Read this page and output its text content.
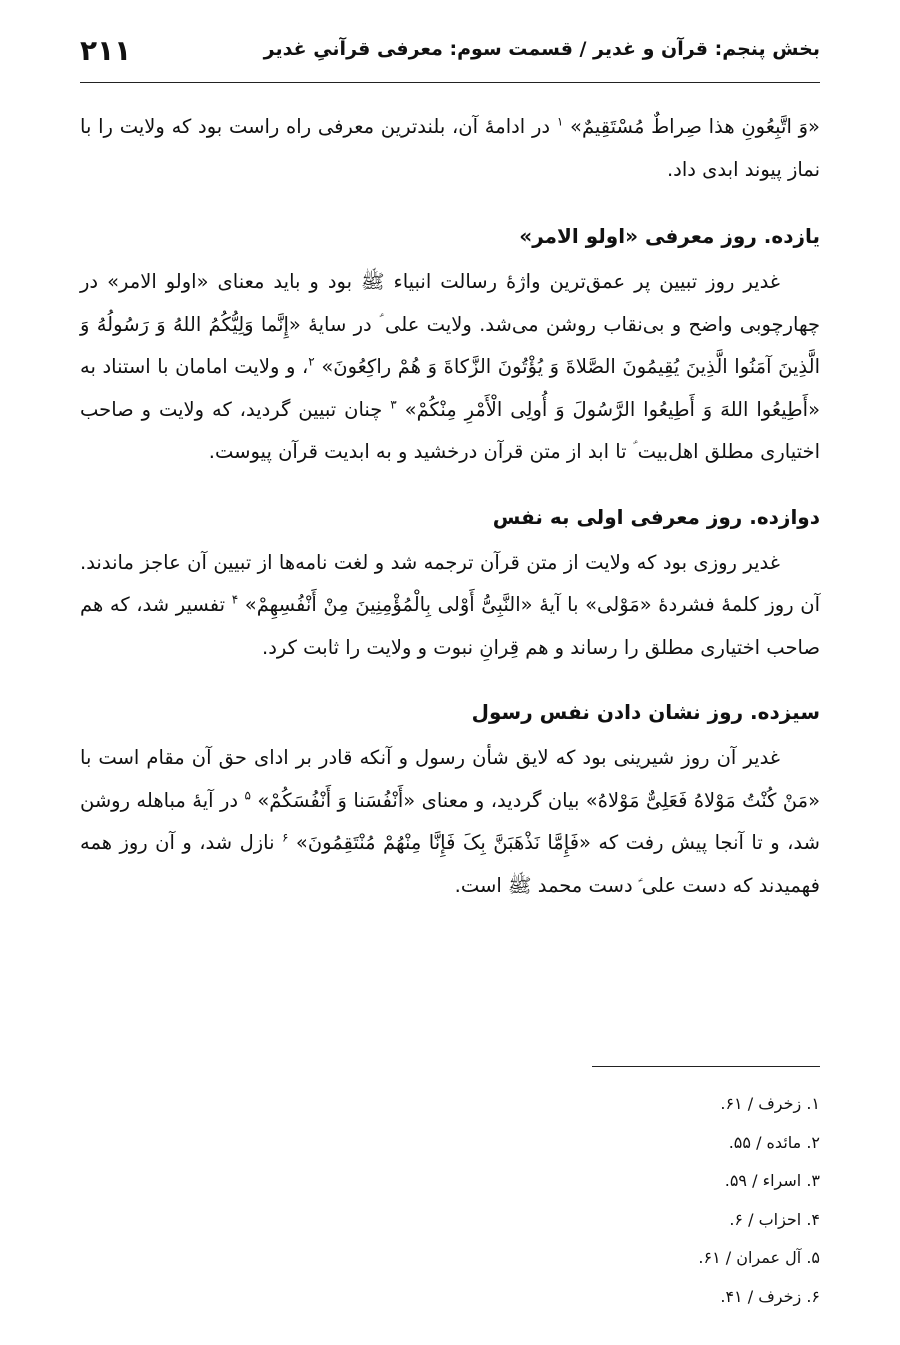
بخش پنجم: قرآن و غدیر / قسمت سوم: معرفی قرآنیِ غدیر
۲۱۱

«وَ اتَّبِعُونِ هذا صِراطٌ مُسْتَقِیمٌ» $^۱$ در ادامهٔ آن، بلندترین معرفی راه راست بود که ولایت را با نماز پیوند ابدی داد.

یازده. روز معرفی «اولو الامر»

غدیر روز تبیین پر عمق‌ترین واژهٔ رسالت انبیاء ﷺ بود و باید معنای «اولو الامر» در چهارچوبی واضح و بی‌نقاب روشن می‌شد. ولایت علی ؑ در سایهٔ «إِنَّما وَلِیُّکُمُ اللهُ وَ رَسُولُهُ وَ الَّذِینَ آمَنُوا الَّذِینَ یُقِیمُونَ الصَّلاةَ وَ یُؤْتُونَ الزَّکاةَ وَ هُمْ راکِعُونَ» $^۲$، و ولایت امامان با استناد به «أَطِیعُوا اللهَ وَ أَطِیعُوا الرَّسُولَ وَ أُولِی الْأَمْرِ مِنْکُمْ» $^۳$ چنان تبیین گردید، که ولایت و صاحب اختیاری مطلق اهل‌بیت ؑ تا ابد از متن قرآن درخشید و به ابدیت قرآن پیوست.

دوازده. روز معرفی اولی به نفس

غدیر روزی بود که ولایت از متن قرآن ترجمه شد و لغت نامه‌ها از تبیین آن عاجز ماندند. آن روز کلمهٔ فشردهٔ «مَوْلی» با آیهٔ «النَّبِیُّ أَوْلی بِالْمُؤْمِنِینَ مِنْ أَنْفُسِهِمْ» $^۴$ تفسیر شد، که هم صاحب اختیاری مطلق را رساند و هم قِرانِ نبوت و ولایت را ثابت کرد.

سیزده. روز نشان دادن نفس رسول

غدیر آن روز شیرینی بود که لایق شأن رسول و آنکه قادر بر ادای حق آن مقام است با «مَنْ کُنْتُ مَوْلاهُ فَعَلِیٌّ مَوْلاهُ» بیان گردید، و معنای «أَنْفُسَنا وَ أَنْفُسَکُمْ» $^۵$ در آیهٔ مباهله روشن شد، و تا آنجا پیش رفت که «فَإِمَّا نَذْهَبَنَّ بِکَ فَإِنَّا مِنْهُمْ مُنْتَقِمُونَ» $^۶$ نازل شد، و آن روز همه فهمیدند که دست علی ؑ دست محمد ﷺ است.

۱. زخرف / ۶۱.
۲. مائده / ۵۵.
۳. اسراء / ۵۹.
۴. احزاب / ۶.
۵. آل عمران / ۶۱.
۶. زخرف / ۴۱.
